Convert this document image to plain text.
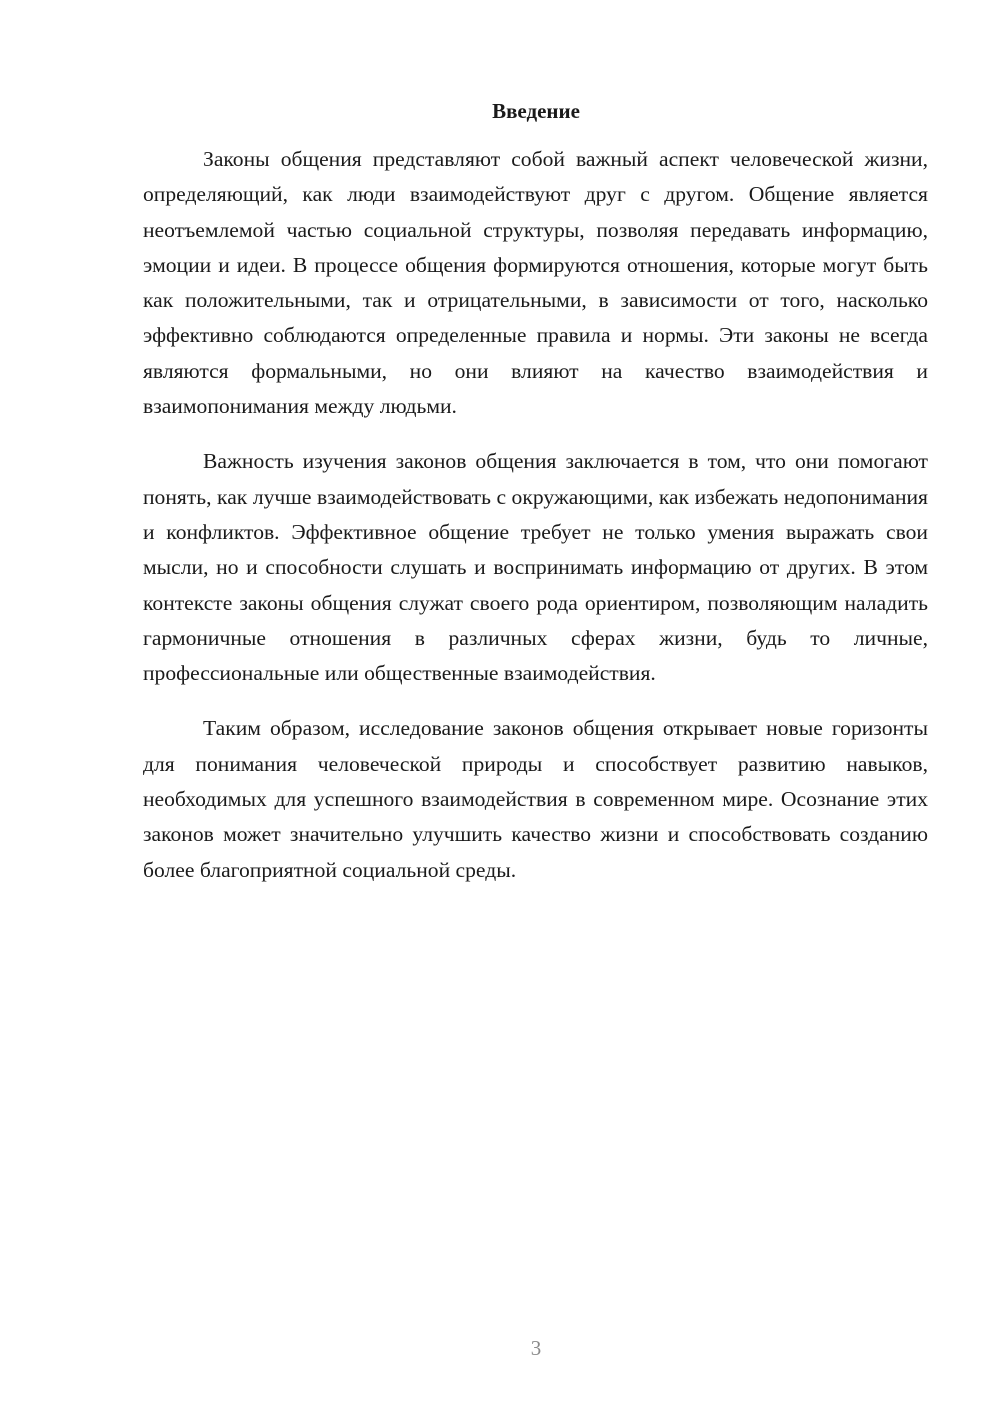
Введение

Законы общения представляют собой важный аспект человеческой жизни, определяющий, как люди взаимодействуют друг с другом. Общение является неотъемлемой частью социальной структуры, позволяя передавать информацию, эмоции и идеи. В процессе общения формируются отношения, которые могут быть как положительными, так и отрицательными, в зависимости от того, насколько эффективно соблюдаются определенные правила и нормы. Эти законы не всегда являются формальными, но они влияют на качество взаимодействия и взаимопонимания между людьми.

Важность изучения законов общения заключается в том, что они помогают понять, как лучше взаимодействовать с окружающими, как избежать недопонимания и конфликтов. Эффективное общение требует не только умения выражать свои мысли, но и способности слушать и воспринимать информацию от других. В этом контексте законы общения служат своего рода ориентиром, позволяющим наладить гармоничные отношения в различных сферах жизни, будь то личные, профессиональные или общественные взаимодействия.

Таким образом, исследование законов общения открывает новые горизонты для понимания человеческой природы и способствует развитию навыков, необходимых для успешного взаимодействия в современном мире. Осознание этих законов может значительно улучшить качество жизни и способствовать созданию более благоприятной социальной среды.

3
